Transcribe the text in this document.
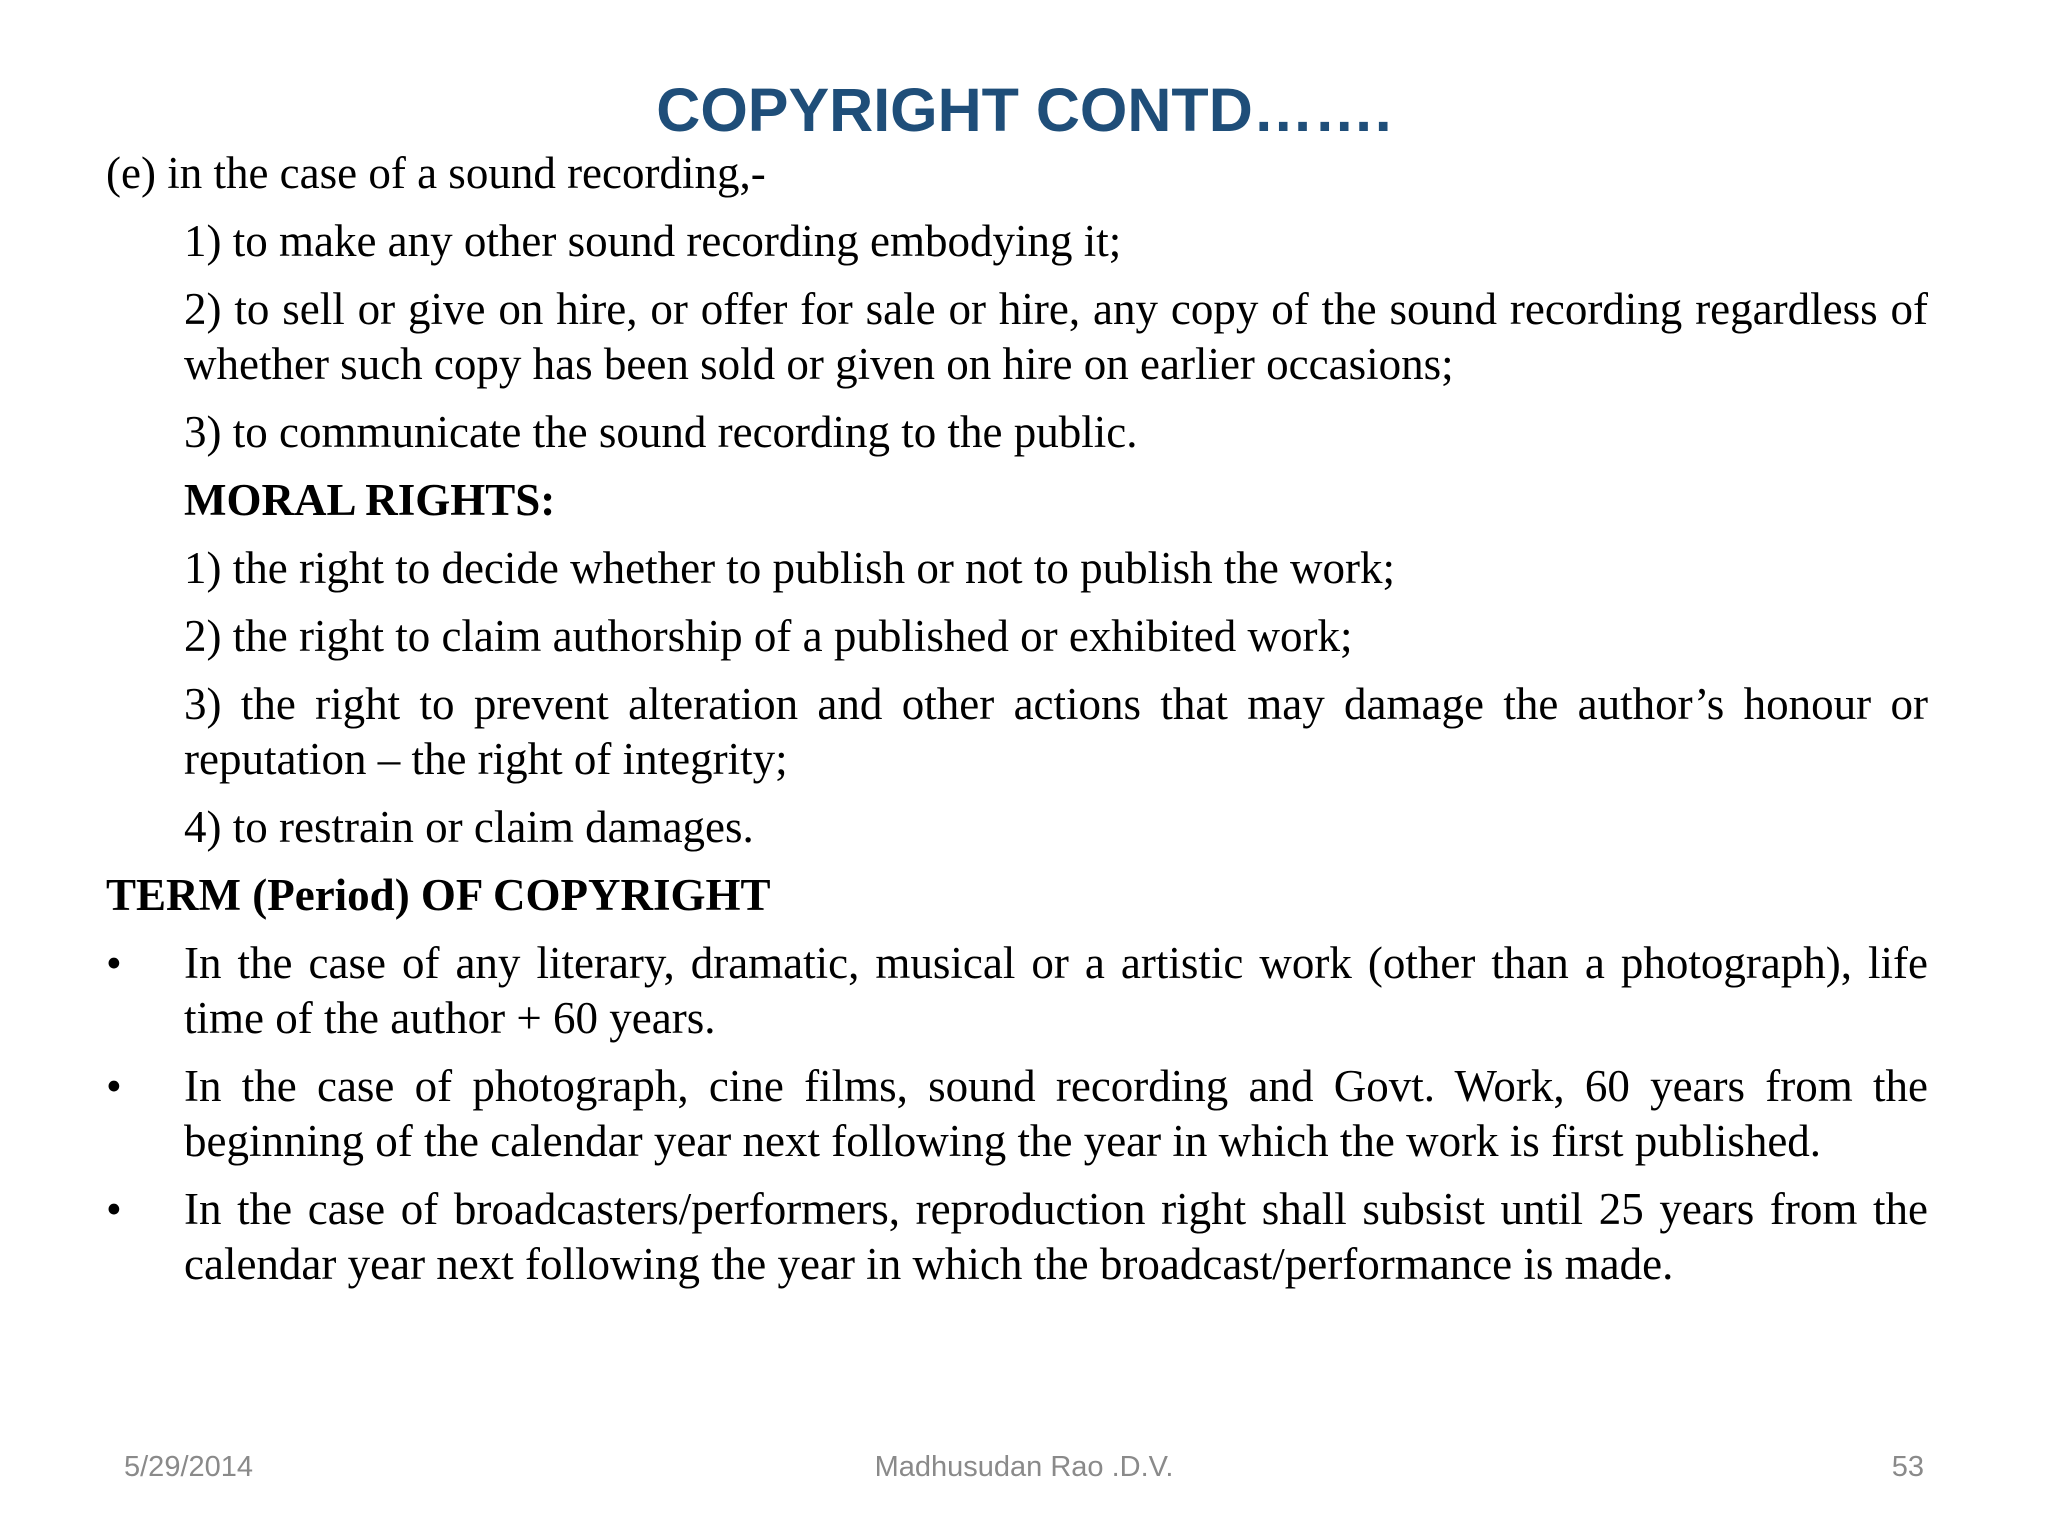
COPYRIGHT CONTD…….

(e) in the case of a sound recording,-

1) to make any other sound recording embodying it;

2) to sell or give on hire, or offer for sale or hire, any copy of the sound recording regardless of whether such copy has been sold or given on hire on earlier occasions;

3) to communicate the sound recording to the public.

MORAL RIGHTS:

1) the right to decide whether to publish or not to publish the work;

2) the right to claim authorship of a published or exhibited work;

3) the right to prevent alteration and other actions that may damage the author’s honour or reputation – the right of integrity;

4) to restrain or claim damages.

TERM (Period) OF COPYRIGHT

• In the case of any literary, dramatic, musical or a artistic work (other than a photograph), life time of the author + 60 years.
• In the case of photograph, cine films, sound recording and Govt. Work, 60 years from the beginning of the calendar year next following the year in which the work is first published.
• In the case of broadcasters/performers, reproduction right shall subsist until 25 years from the calendar year next following the year in which the broadcast/performance is made.
5/29/2014	Madhusudan Rao .D.V.	53
